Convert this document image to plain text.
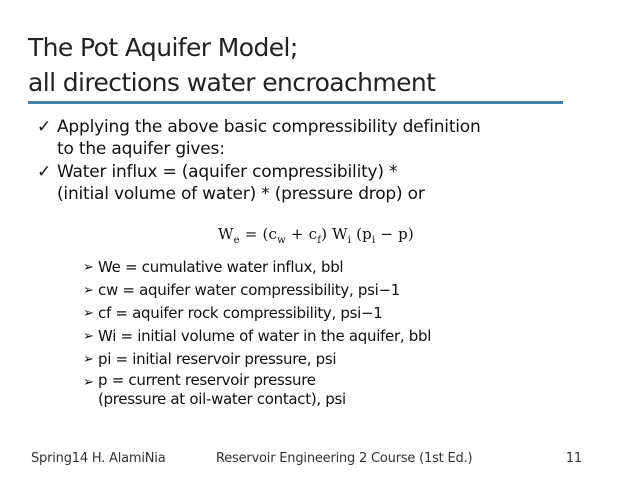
The Pot Aquifer Model;
all directions water encroachment
✓ Applying the above basic compressibility definition
to the aquifer gives:
✓ Water influx = (aquifer compressibility) *
(initial volume of water) * (pressure drop) or
$W_e = (c_w + c_f)$ $W_i$ $(p_i - p)$
➢ We = cumulative water influx, bbl
➢ cw = aquifer water compressibility, psi−1
➢ cf = aquifer rock compressibility, psi−1
➢ Wi = initial volume of water in the aquifer, bbl
➢ pi = initial reservoir pressure, psi
➢ p = current reservoir pressure
(pressure at oil-water contact), psi
Spring14 H. AlamiNia	Reservoir Engineering 2 Course (1st Ed.)	11
